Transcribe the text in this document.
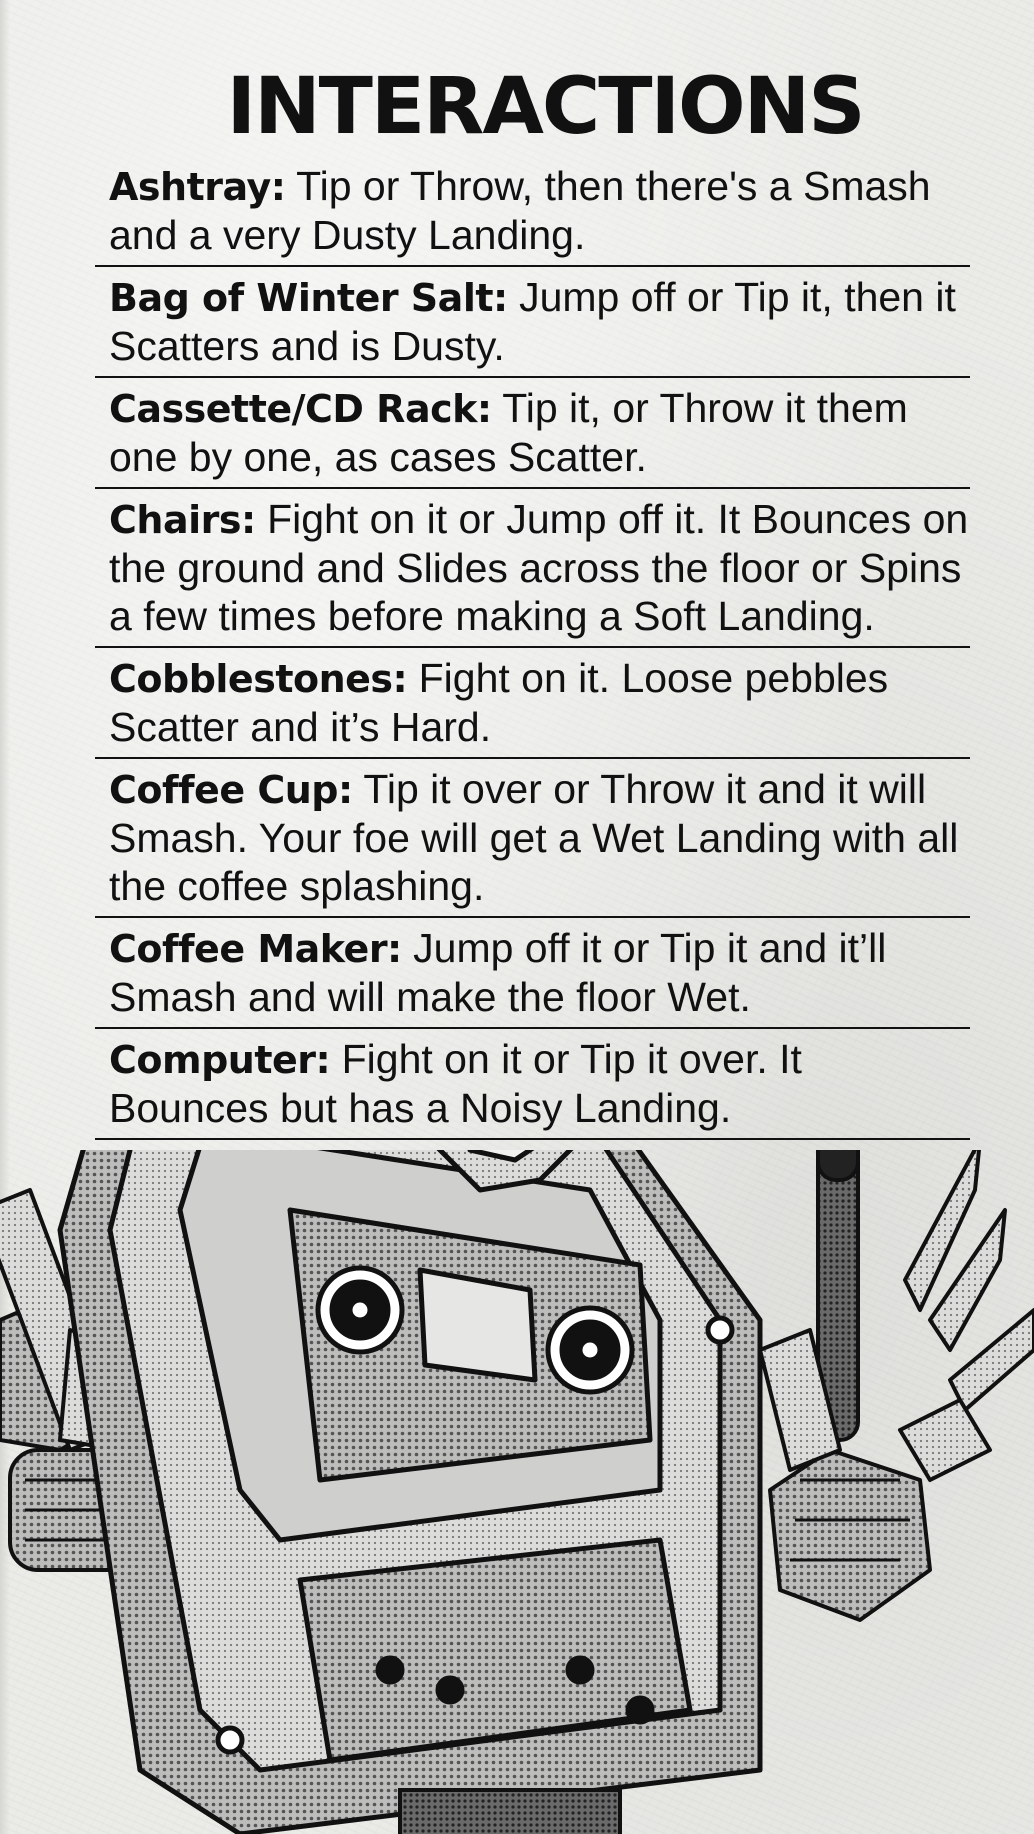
INTERACTIONS
Ashtray: Tip or Throw, then there's a Smash and a very Dusty Landing.
Bag of Winter Salt: Jump off or Tip it, then it Scatters and is Dusty.
Cassette/CD Rack: Tip it, or Throw it them one by one, as cases Scatter.
Chairs: Fight on it or Jump off it. It Bounces on the ground and Slides across the floor or Spins a few times before making a Soft Landing.
Cobblestones: Fight on it. Loose pebbles Scatter and it’s Hard.
Coffee Cup: Tip it over or Throw it and it will Smash. Your foe will get a Wet Landing with all the coffee splashing.
Coffee Maker: Jump off it or Tip it and it’ll Smash and will make the floor Wet.
Computer: Fight on it or Tip it over. It Bounces but has a Noisy Landing.
